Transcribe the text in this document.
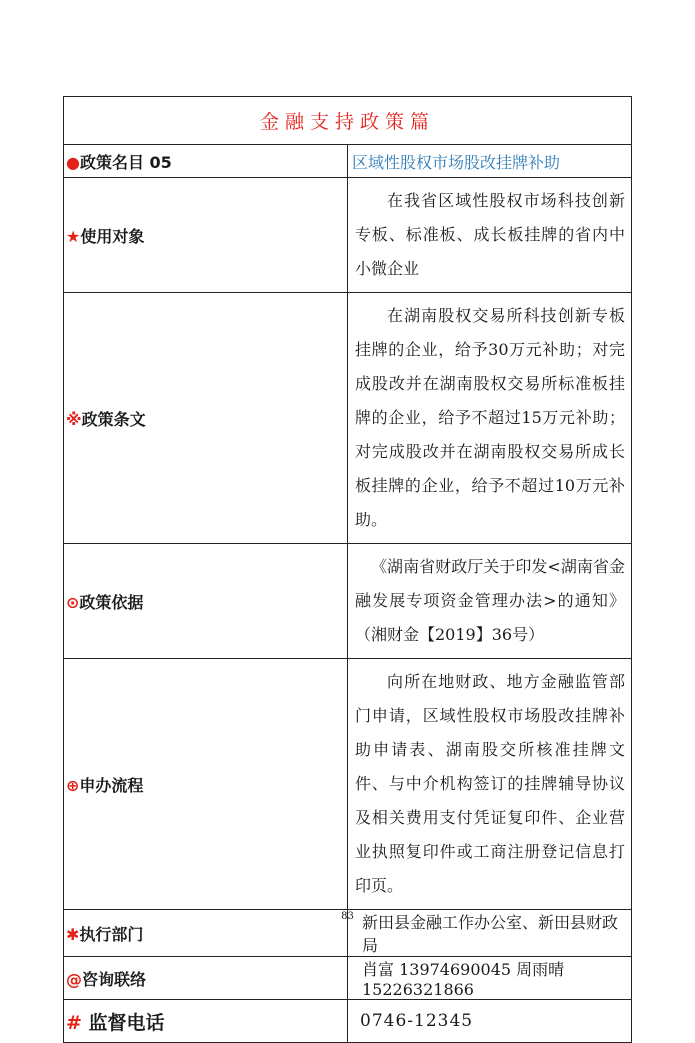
金融支持政策篇	
●政策名目 05	区域性股权市场股改挂牌补助
★使用对象	在我省区域性股权市场科技创新专板、标准板、成长板挂牌的省内中小微企业
※政策条文	在湖南股权交易所科技创新专板挂牌的企业，给予30万元补助；对完成股改并在湖南股权交易所标准板挂牌的企业，给予不超过15万元补助；对完成股改并在湖南股权交易所成长板挂牌的企业，给予不超过10万元补助。
⊙政策依据	《湖南省财政厅关于印发<湖南省金融发展专项资金管理办法>的通知》（湘财金【2019】36号）
⊕申办流程	向所在地财政、地方金融监管部门申请，区域性股权市场股改挂牌补助申请表、湖南股交所核准挂牌文件、与中介机构签订的挂牌辅导协议及相关费用支付凭证复印件、企业营业执照复印件或工商注册登记信息打印页。
✱执行部门	新田县金融工作办公室、新田县财政局
@咨询联络	肖富 13974690045 周雨晴 15226321866
# 监督电话	0746-12345
83
